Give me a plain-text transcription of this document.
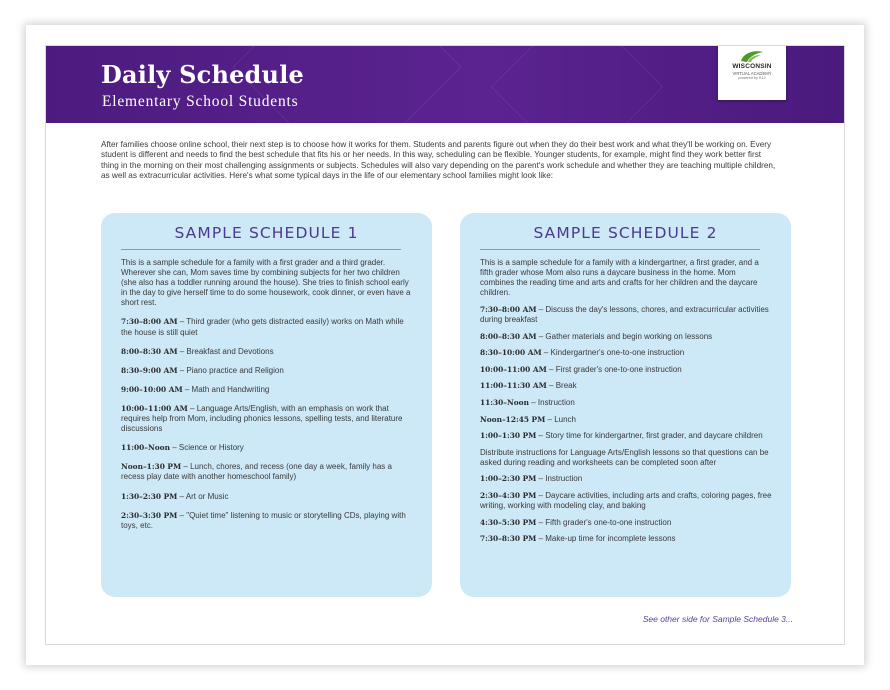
Daily Schedule
Elementary School Students
WISCONSIN
VIRTUAL ACADEMY
powered by K12

After families choose online school, their next step is to choose how it works for them. Students and parents figure out when they do their best work and what they'll be working on. Every student is different and needs to find the best schedule that fits his or her needs. In this way, scheduling can be flexible. Younger students, for example, might find they work better first thing in the morning on their most challenging assignments or subjects. Schedules will also vary depending on the parent's work schedule and whether they are teaching multiple children, as well as extracurricular activities. Here's what some typical days in the life of our elementary school families might look like:

SAMPLE SCHEDULE 1

This is a sample schedule for a family with a first grader and a third grader. Wherever she can, Mom saves time by combining subjects for her two children (she also has a toddler running around the house). She tries to finish school early in the day to give herself time to do some housework, cook dinner, or even have a short rest.

7:30–8:00 AM – Third grader (who gets distracted easily) works on Math while the house is still quiet

8:00–8:30 AM – Breakfast and Devotions

8:30–9:00 AM – Piano practice and Religion

9:00–10:00 AM – Math and Handwriting

10:00–11:00 AM – Language Arts/English, with an emphasis on work that requires help from Mom, including phonics lessons, spelling tests, and literature discussions

11:00–Noon – Science or History

Noon–1:30 PM – Lunch, chores, and recess (one day a week, family has a recess play date with another homeschool family)

1:30–2:30 PM – Art or Music

2:30–3:30 PM – "Quiet time" listening to music or storytelling CDs, playing with toys, etc.

SAMPLE SCHEDULE 2

This is a sample schedule for a family with a kindergartner, a first grader, and a fifth grader whose Mom also runs a daycare business in the home. Mom combines the reading time and arts and crafts for her children and the daycare children.

7:30–8:00 AM – Discuss the day's lessons, chores, and extracurricular activities during breakfast

8:00–8:30 AM – Gather materials and begin working on lessons

8:30–10:00 AM – Kindergartner's one-to-one instruction

10:00–11:00 AM – First grader's one-to-one instruction

11:00–11:30 AM – Break

11:30–Noon – Instruction

Noon–12:45 PM – Lunch

1:00–1:30 PM – Story time for kindergartner, first grader, and daycare children

Distribute instructions for Language Arts/English lessons so that questions can be asked during reading and worksheets can be completed soon after

1:00–2:30 PM – Instruction

2:30–4:30 PM – Daycare activities, including arts and crafts, coloring pages, free writing, working with modeling clay, and baking

4:30–5:30 PM – Fifth grader's one-to-one instruction

7:30–8:30 PM – Make-up time for incomplete lessons

See other side for Sample Schedule 3...
